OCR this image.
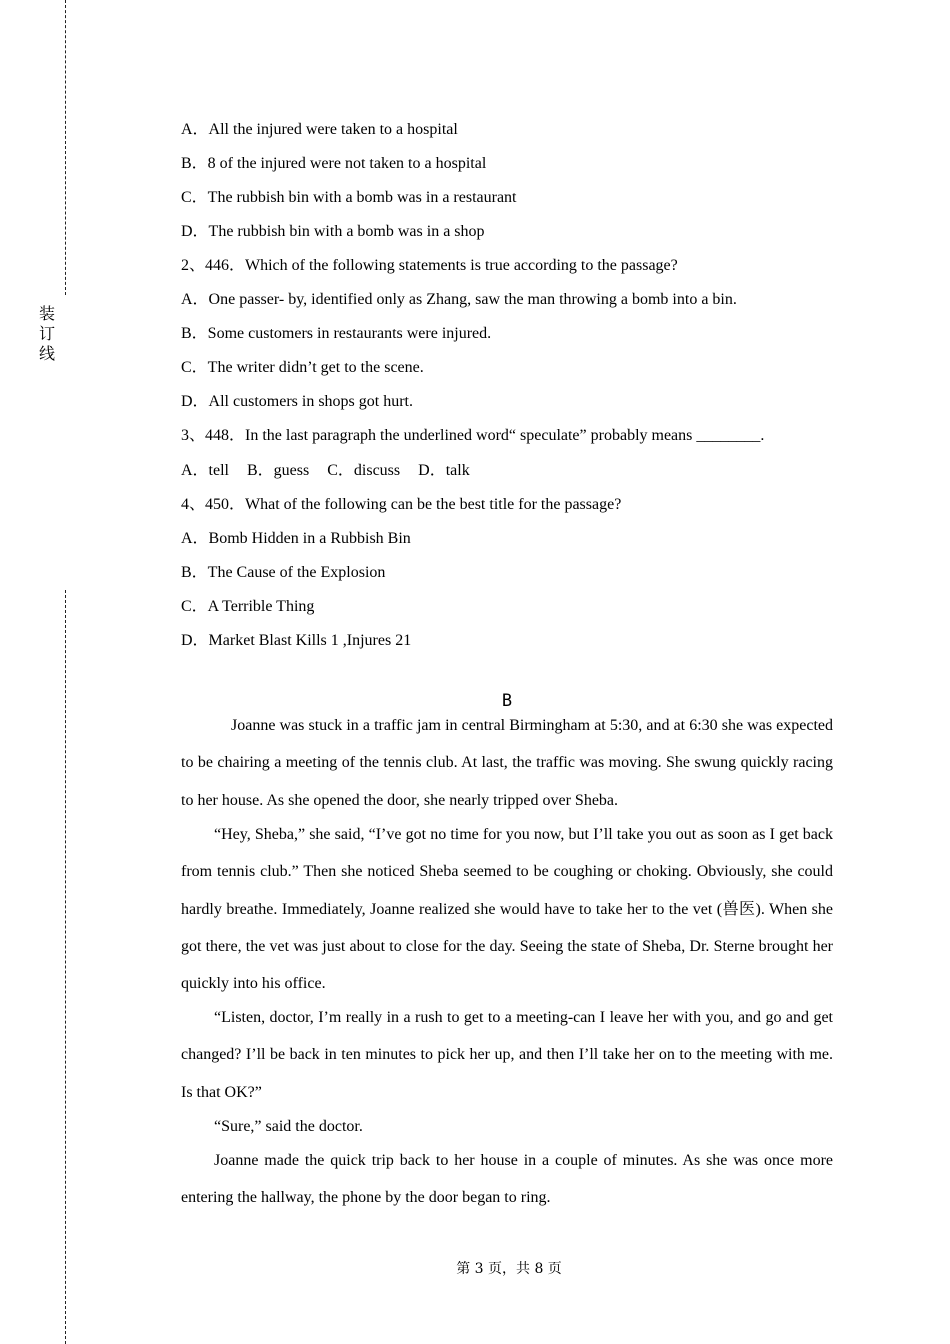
装
订
线
A．All the injured were taken to a hospital
B．8 of the injured were not taken to a hospital
C．The rubbish bin with a bomb was in a restaurant
D．The rubbish bin with a bomb was in a shop
2、446．Which of the following statements is true according to the passage?
A．One passer- by, identified only as Zhang, saw the man throwing a bomb into a bin.
B．Some customers in restaurants were injured.
C．The writer didn’t get to the scene.
D．All customers in shops got hurt.
3、448．In the last paragraph the underlined word“ speculate” probably means ________.
A．tell B．guess C．discuss D．talk
4、450．What of the following can be the best title for the passage?
A．Bomb Hidden in a Rubbish Bin
B．The Cause of the Explosion
C．A Terrible Thing
D．Market Blast Kills 1 ,Injures 21
B
Joanne was stuck in a traffic jam in central Birmingham at 5:30, and at 6:30 she was expected to be chairing a meeting of the tennis club. At last, the traffic was moving. She swung quickly racing to her house. As she opened the door, she nearly tripped over Sheba.
“Hey, Sheba,” she said, “I’ve got no time for you now, but I’ll take you out as soon as I get back from tennis club.” Then she noticed Sheba seemed to be coughing or choking. Obviously, she could hardly breathe. Immediately, Joanne realized she would have to take her to the vet (兽医). When she got there, the vet was just about to close for the day. Seeing the state of Sheba, Dr. Sterne brought her quickly into his office.
“Listen, doctor, I’m really in a rush to get to a meeting-can I leave her with you, and go and get changed? I’ll be back in ten minutes to pick her up, and then I’ll take her on to the meeting with me. Is that OK?”
“Sure,” said the doctor.
Joanne made the quick trip back to her house in a couple of minutes. As she was once more entering the hallway, the phone by the door began to ring.
第 3 页，共 8 页
